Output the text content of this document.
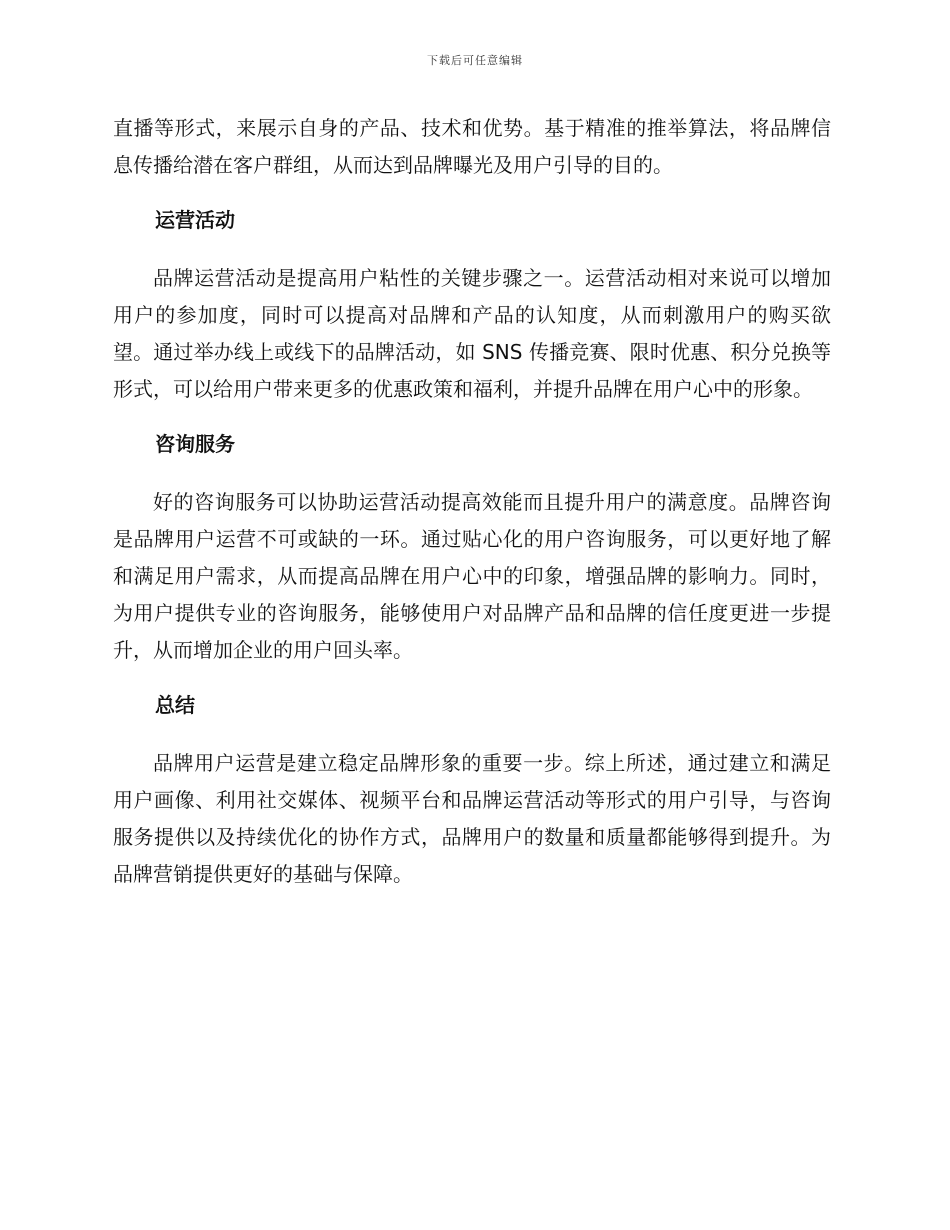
下载后可任意编辑

直播等形式，来展示自身的产品、技术和优势。基于精准的推举算法，将品牌信息传播给潜在客户群组，从而达到品牌曝光及用户引导的目的。

运营活动

品牌运营活动是提高用户粘性的关键步骤之一。运营活动相对来说可以增加用户的参加度，同时可以提高对品牌和产品的认知度，从而刺激用户的购买欲望。通过举办线上或线下的品牌活动，如 SNS 传播竞赛、限时优惠、积分兑换等形式，可以给用户带来更多的优惠政策和福利，并提升品牌在用户心中的形象。

咨询服务

好的咨询服务可以协助运营活动提高效能而且提升用户的满意度。品牌咨询是品牌用户运营不可或缺的一环。通过贴心化的用户咨询服务，可以更好地了解和满足用户需求，从而提高品牌在用户心中的印象，增强品牌的影响力。同时，为用户提供专业的咨询服务，能够使用户对品牌产品和品牌的信任度更进一步提升，从而增加企业的用户回头率。

总结

品牌用户运营是建立稳定品牌形象的重要一步。综上所述，通过建立和满足用户画像、利用社交媒体、视频平台和品牌运营活动等形式的用户引导，与咨询服务提供以及持续优化的协作方式，品牌用户的数量和质量都能够得到提升。为品牌营销提供更好的基础与保障。
